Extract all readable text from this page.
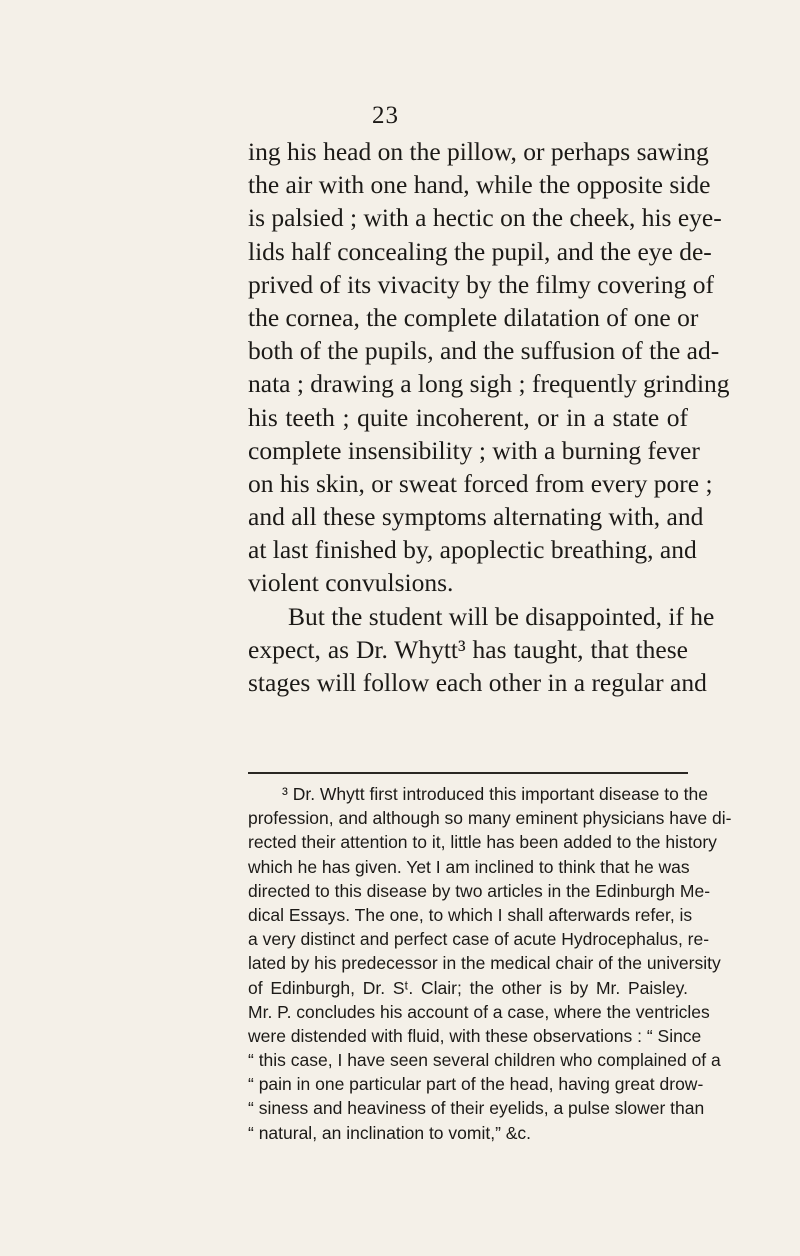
23
ing his head on the pillow, or perhaps sawing
the air with one hand, while the opposite side
is palsied ; with a hectic on the cheek, his eye-
lids half concealing the pupil, and the eye de-
prived of its vivacity by the filmy covering of
the cornea, the complete dilatation of one or
both of the pupils, and the suffusion of the ad-
nata ; drawing a long sigh ; frequently grinding
his teeth ; quite incoherent, or in a state of
complete insensibility ; with a burning fever
on his skin, or sweat forced from every pore ;
and all these symptoms alternating with, and
at last finished by, apoplectic breathing, and
violent convulsions.
But the student will be disappointed, if he
expect, as Dr. Whytt³ has taught, that these
stages will follow each other in a regular and
³ Dr. Whytt first introduced this important disease to the
profession, and although so many eminent physicians have di-
rected their attention to it, little has been added to the history
which he has given. Yet I am inclined to think that he was
directed to this disease by two articles in the Edinburgh Me-
dical Essays. The one, to which I shall afterwards refer, is
a very distinct and perfect case of acute Hydrocephalus, re-
lated by his predecessor in the medical chair of the university
of Edinburgh, Dr. Sᵗ. Clair; the other is by Mr. Paisley.
Mr. P. concludes his account of a case, where the ventricles
were distended with fluid, with these observations : “ Since
“ this case, I have seen several children who complained of a
“ pain in one particular part of the head, having great drow-
“ siness and heaviness of their eyelids, a pulse slower than
“ natural, an inclination to vomit,” &c.
